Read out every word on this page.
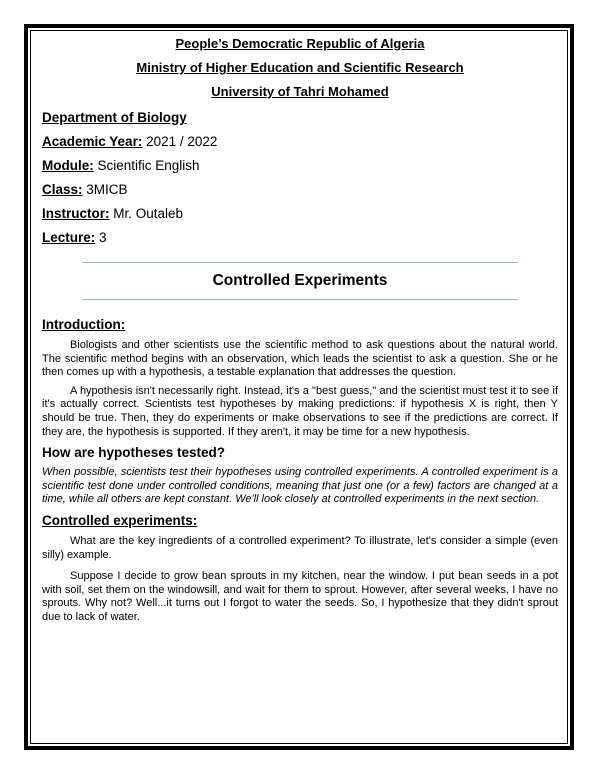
People’s Democratic Republic of Algeria
Ministry of Higher Education and Scientific Research
University of Tahri Mohamed
Department of Biology
Academic Year: 2021 / 2022
Module: Scientific English
Class: 3MICB
Instructor: Mr. Outaleb
Lecture: 3
Controlled Experiments
Introduction:

Biologists and other scientists use the scientific method to ask questions about the natural world. The scientific method begins with an observation, which leads the scientist to ask a question. She or he then comes up with a hypothesis, a testable explanation that addresses the question.

A hypothesis isn't necessarily right. Instead, it's a "best guess," and the scientist must test it to see if it's actually correct. Scientists test hypotheses by making predictions: if hypothesis X is right, then Y should be true. Then, they do experiments or make observations to see if the predictions are correct. If they are, the hypothesis is supported. If they aren't, it may be time for a new hypothesis.

How are hypotheses tested?

When possible, scientists test their hypotheses using controlled experiments. A controlled experiment is a scientific test done under controlled conditions, meaning that just one (or a few) factors are changed at a time, while all others are kept constant. We'll look closely at controlled experiments in the next section.

Controlled experiments:

What are the key ingredients of a controlled experiment? To illustrate, let's consider a simple (even silly) example.

Suppose I decide to grow bean sprouts in my kitchen, near the window. I put bean seeds in a pot with soil, set them on the windowsill, and wait for them to sprout. However, after several weeks, I have no sprouts. Why not? Well...it turns out I forgot to water the seeds. So, I hypothesize that they didn't sprout due to lack of water.
